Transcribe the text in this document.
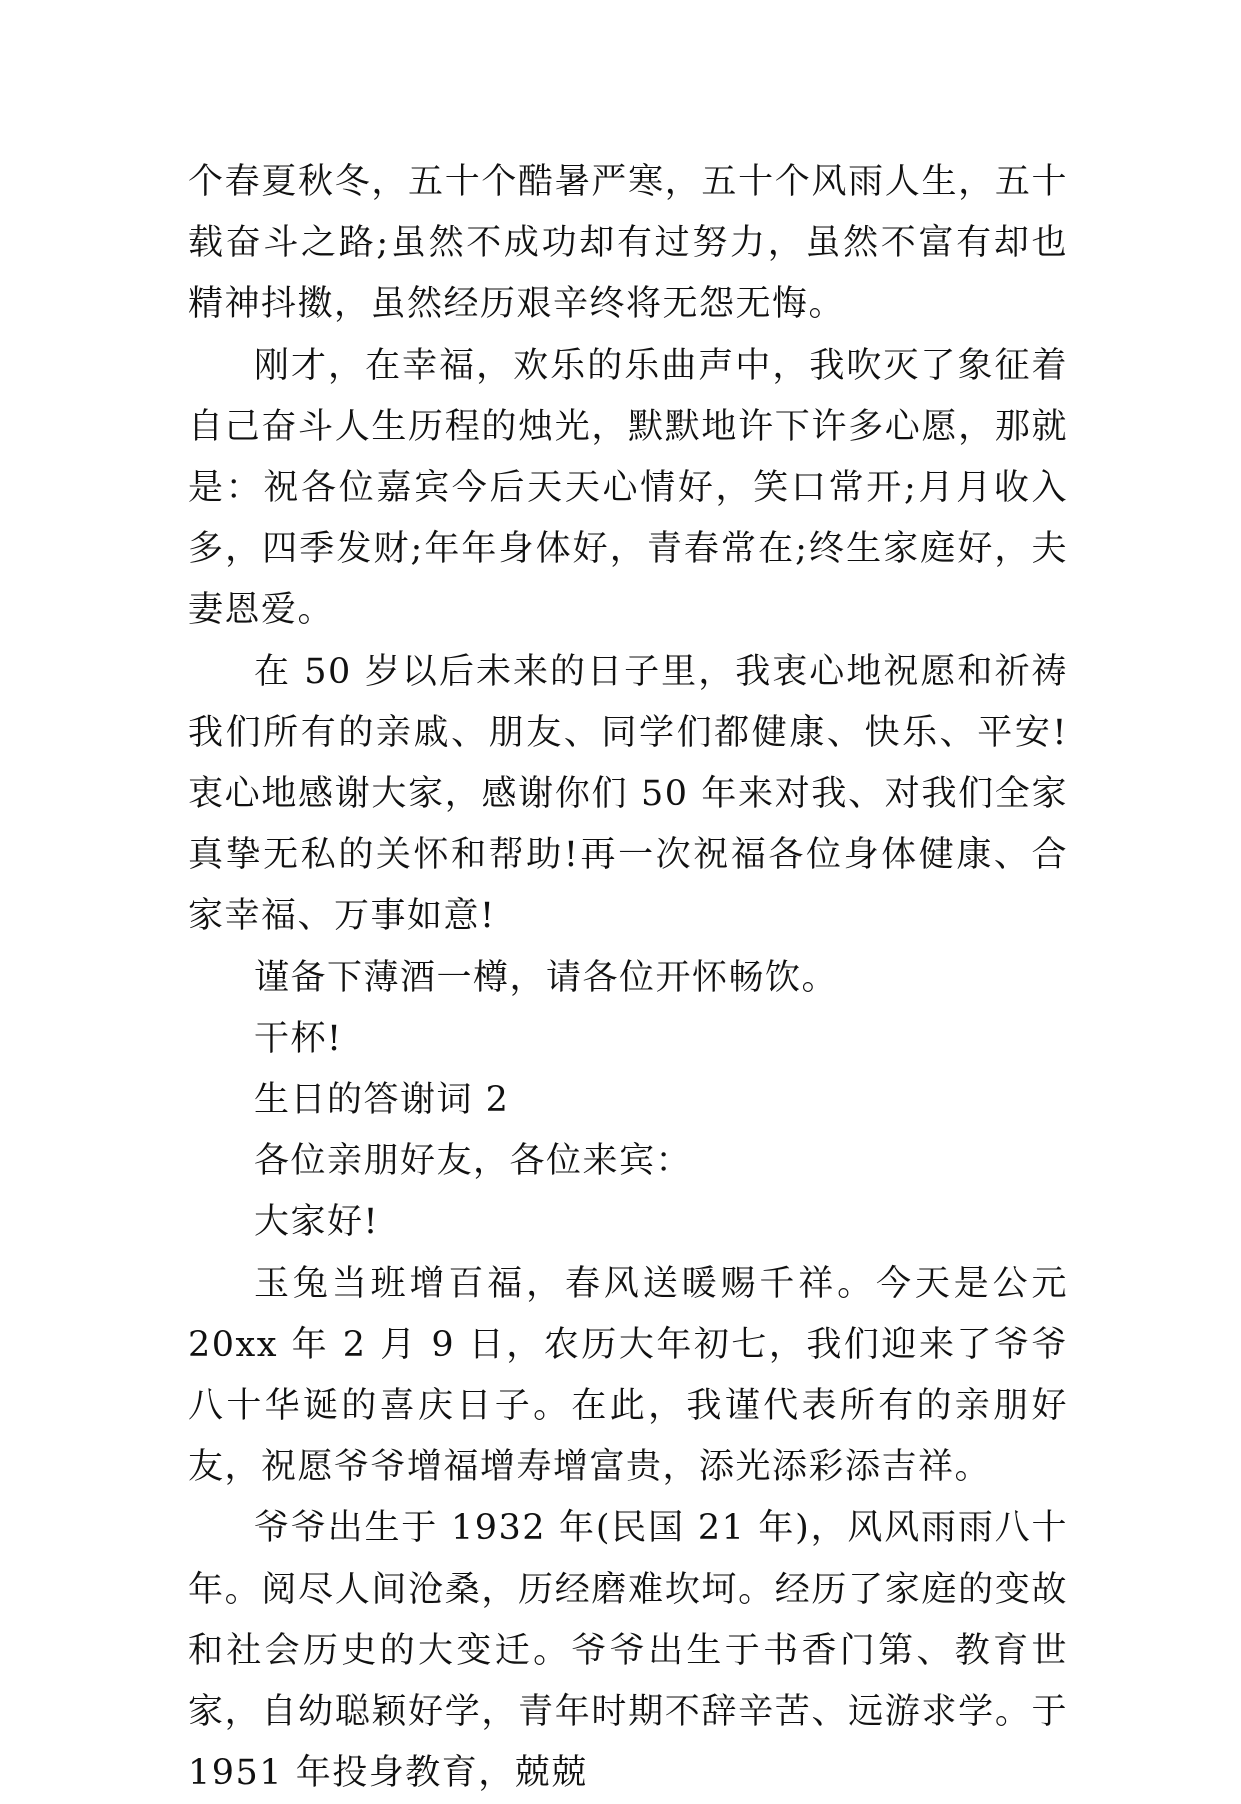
个春夏秋冬，五十个酷暑严寒，五十个风雨人生，五十载奋斗之路;虽然不成功却有过努力，虽然不富有却也精神抖擞，虽然经历艰辛终将无怨无悔。

刚才，在幸福，欢乐的乐曲声中，我吹灭了象征着自己奋斗人生历程的烛光，默默地许下许多心愿，那就是：祝各位嘉宾今后天天心情好，笑口常开;月月收入多，四季发财;年年身体好，青春常在;终生家庭好，夫妻恩爱。

在 50 岁以后未来的日子里，我衷心地祝愿和祈祷我们所有的亲戚、朋友、同学们都健康、快乐、平安!衷心地感谢大家，感谢你们 50 年来对我、对我们全家真挚无私的关怀和帮助!再一次祝福各位身体健康、合家幸福、万事如意!

谨备下薄酒一樽，请各位开怀畅饮。

干杯!

生日的答谢词 2

各位亲朋好友，各位来宾：

大家好!

玉兔当班增百福，春风送暖赐千祥。今天是公元 20xx 年 2 月 9 日，农历大年初七，我们迎来了爷爷八十华诞的喜庆日子。在此，我谨代表所有的亲朋好友，祝愿爷爷增福增寿增富贵，添光添彩添吉祥。

爷爷出生于 1932 年(民国 21 年)，风风雨雨八十年。阅尽人间沧桑，历经磨难坎坷。经历了家庭的变故和社会历史的大变迁。爷爷出生于书香门第、教育世家，自幼聪颖好学，青年时期不辞辛苦、远游求学。于 1951 年投身教育，兢兢
